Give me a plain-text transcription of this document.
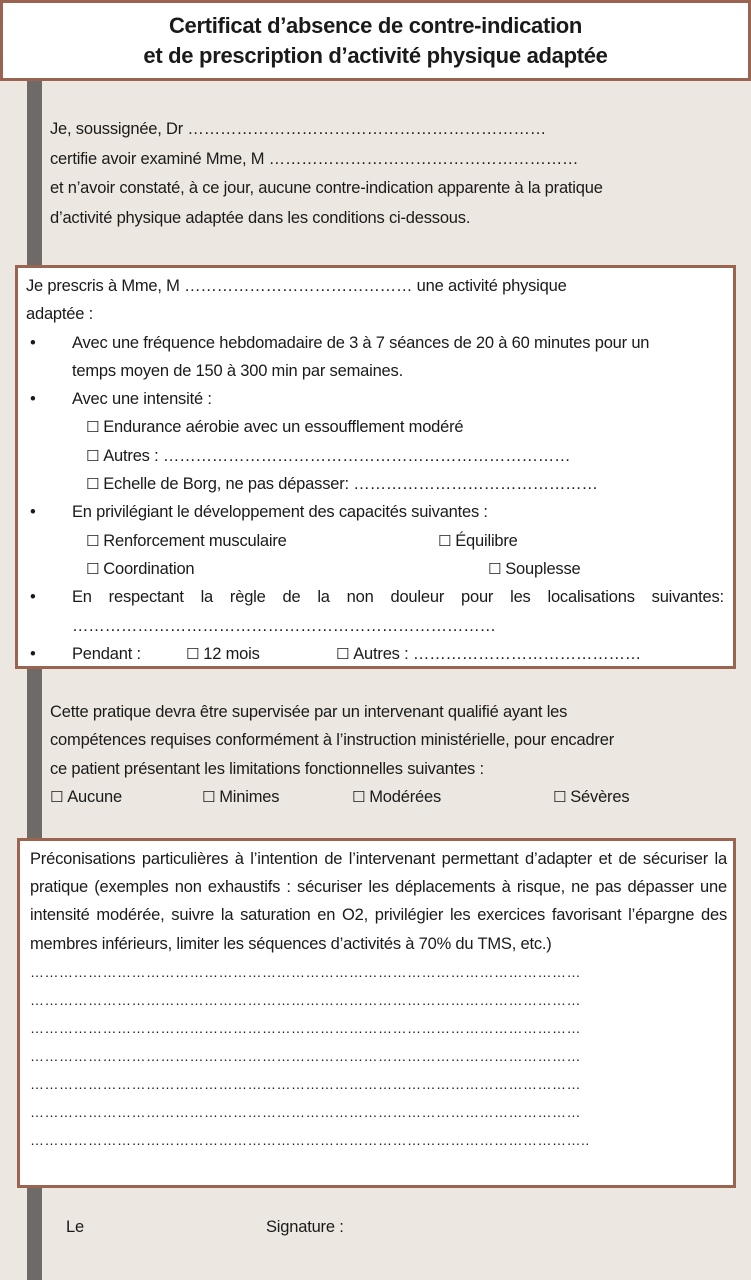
Certificat d’absence de contre-indication
et de prescription d’activité physique adaptée
Je, soussignée, Dr …………………………………………………………
certifie avoir examiné Mme, M …………………………………………………
et n’avoir constaté, à ce jour, aucune contre-indication apparente à la pratique
d’activité physique adaptée dans les conditions ci-dessous.
Je prescris à Mme, M …………………………………… une activité physique
adaptée :
• Avec une fréquence hebdomadaire de 3 à 7 séances de 20 à 60 minutes pour un
temps moyen de 150 à 300 min par semaines.
• Avec une intensité :
☐ Endurance aérobie avec un essoufflement modéré
☐ Autres : …………………………………………………………………
☐ Echelle de Borg, ne pas dépasser: ………………………………………
• En privilégiant le développement des capacités suivantes :
☐ Renforcement musculaire	☐ Équilibre
☐ Coordination	☐ Souplesse
• En respectant la règle de la non douleur pour les localisations suivantes:
……………………………………………………………………
• Pendant :	☐ 12 mois	☐ Autres : ……………………………………
Cette pratique devra être supervisée par un intervenant qualifié ayant les
compétences requises conformément à l’instruction ministérielle, pour encadrer
ce patient présentant les limitations fonctionnelles suivantes :
☐ Aucune	☐ Minimes	☐ Modérées	☐ Sévères
Préconisations particulières à l’intention de l’intervenant permettant d’adapter et de sécuriser la pratique (exemples non exhaustifs : sécuriser les déplacements à risque, ne pas dépasser une intensité modérée, suivre la saturation en O2, privilégier les exercices favorisant l’épargne des membres inférieurs, limiter les séquences d’activités à 70% du TMS, etc.)
……………………………………………………………………………………………………
……………………………………………………………………………………………………
……………………………………………………………………………………………………
……………………………………………………………………………………………………
……………………………………………………………………………………………………
……………………………………………………………………………………………………
……………………………………………………………………………………………………..
Le	Signature :
